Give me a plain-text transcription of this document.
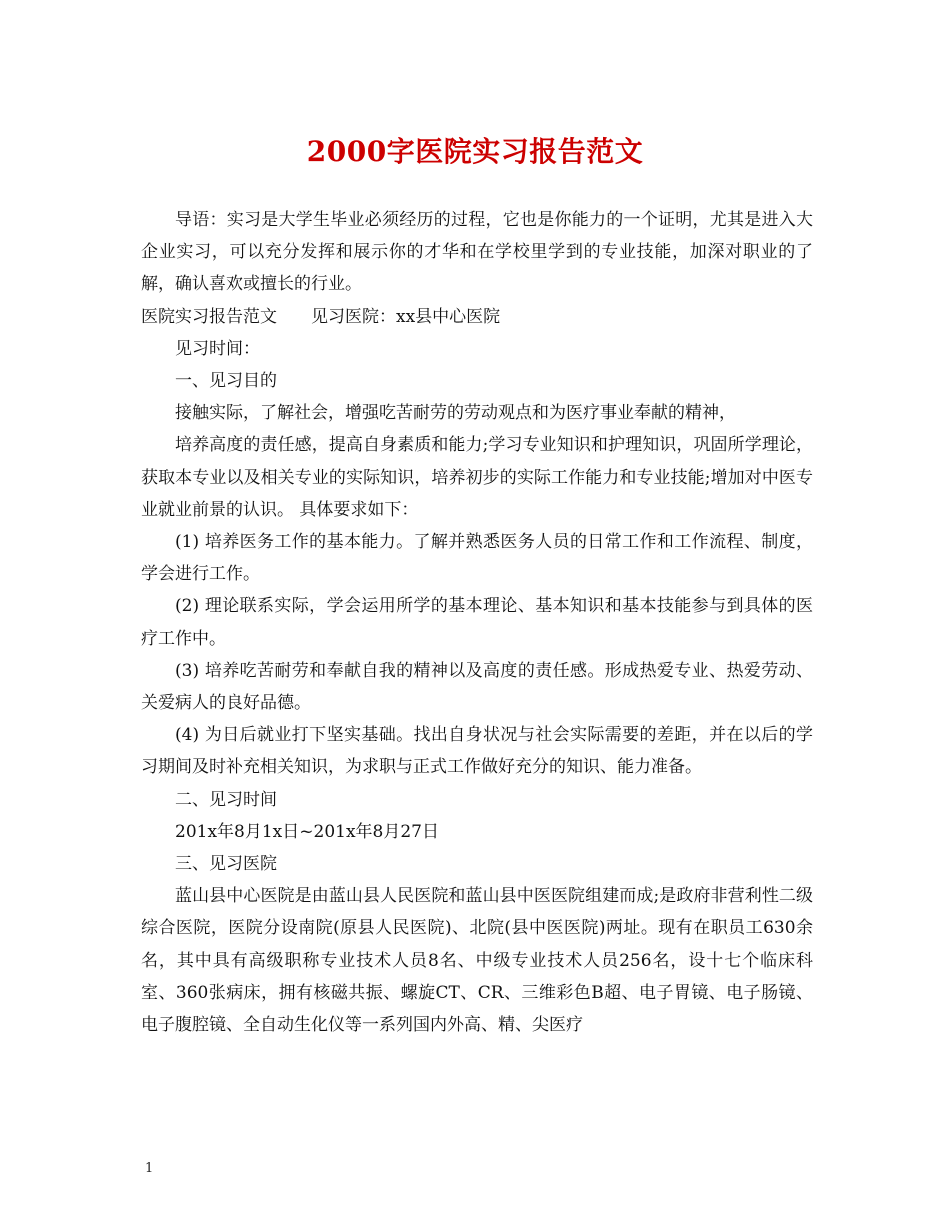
2000字医院实习报告范文

导语：实习是大学生毕业必须经历的过程，它也是你能力的一个证明，尤其是进入大企业实习，可以充分发挥和展示你的才华和在学校里学到的专业技能，加深对职业的了解，确认喜欢或擅长的行业。

医院实习报告范文　　见习医院：xx县中心医院

见习时间：

一、见习目的

接触实际，了解社会，增强吃苦耐劳的劳动观点和为医疗事业奉献的精神，

培养高度的责任感，提高自身素质和能力;学习专业知识和护理知识，巩固所学理论，获取本专业以及相关专业的实际知识，培养初步的实际工作能力和专业技能;增加对中医专业就业前景的认识。 具体要求如下：

(1) 培养医务工作的基本能力。了解并熟悉医务人员的日常工作和工作流程、制度，学会进行工作。

(2) 理论联系实际，学会运用所学的基本理论、基本知识和基本技能参与到具体的医疗工作中。

(3) 培养吃苦耐劳和奉献自我的精神以及高度的责任感。形成热爱专业、热爱劳动、关爱病人的良好品德。

(4) 为日后就业打下坚实基础。找出自身状况与社会实际需要的差距，并在以后的学习期间及时补充相关知识，为求职与正式工作做好充分的知识、能力准备。

二、见习时间

201x年8月1x日~201x年8月27日

三、见习医院

蓝山县中心医院是由蓝山县人民医院和蓝山县中医医院组建而成;是政府非营利性二级综合医院，医院分设南院(原县人民医院)、北院(县中医医院)两址。现有在职员工630余名，其中具有高级职称专业技术人员8名、中级专业技术人员256名，设十七个临床科室、360张病床，拥有核磁共振、螺旋CT、CR、三维彩色B超、电子胃镜、电子肠镜、电子腹腔镜、全自动生化仪等一系列国内外高、精、尖医疗

1
